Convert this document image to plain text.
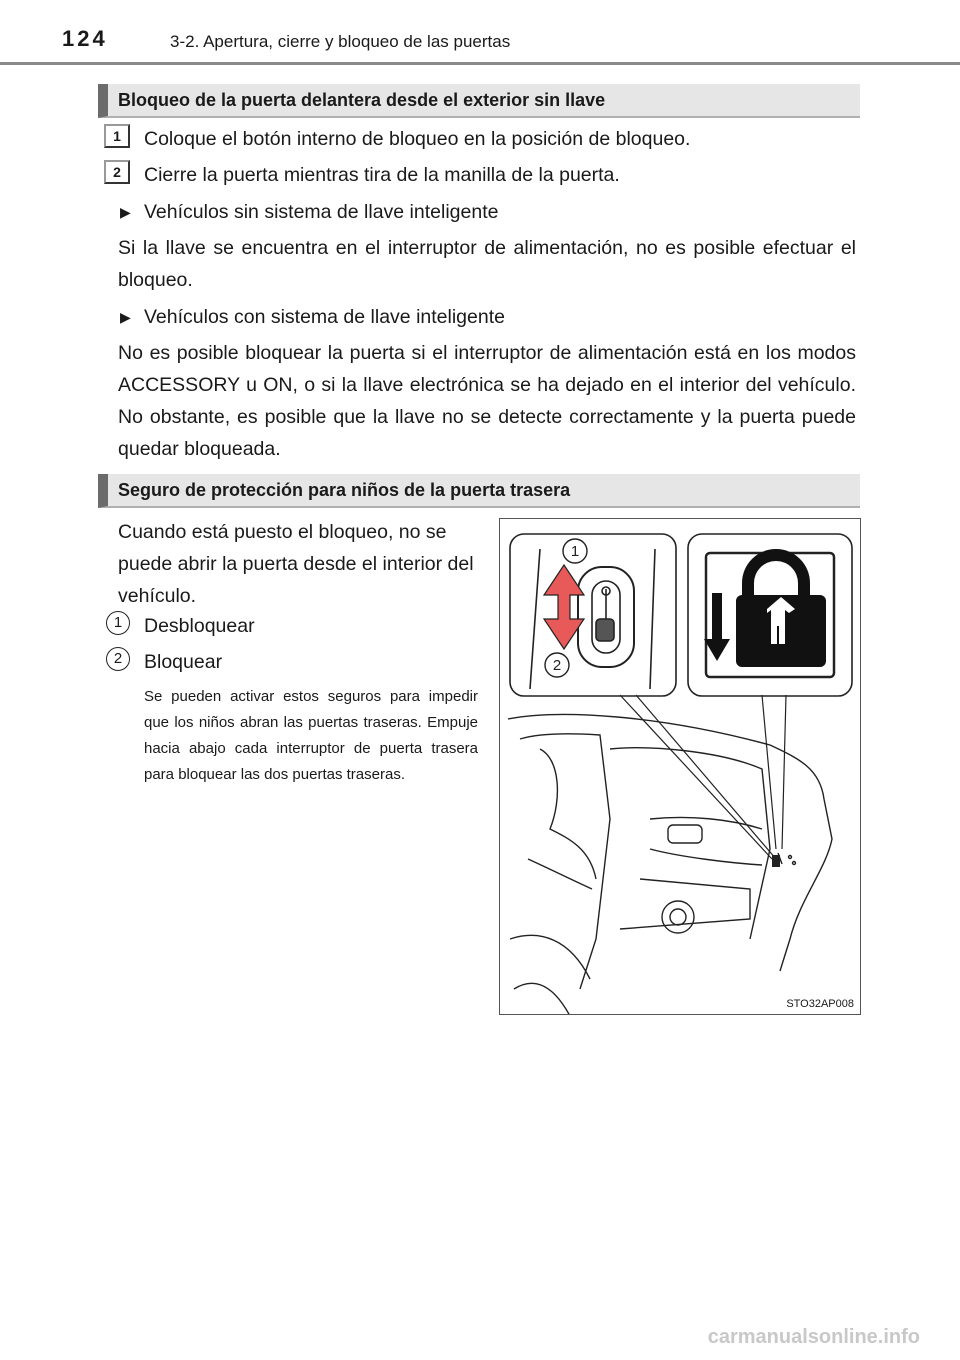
124	3-2. Apertura, cierre y bloqueo de las puertas
Bloqueo de la puerta delantera desde el exterior sin llave
1	Coloque el botón interno de bloqueo en la posición de bloqueo.
2	Cierre la puerta mientras tira de la manilla de la puerta.
▶ Vehículos sin sistema de llave inteligente
Si la llave se encuentra en el interruptor de alimentación, no es posible efectuar el bloqueo.
▶ Vehículos con sistema de llave inteligente
No es posible bloquear la puerta si el interruptor de alimentación está en los modos ACCESSORY u ON, o si la llave electrónica se ha dejado en el interior del vehículo. No obstante, es posible que la llave no se detecte correctamente y la puerta puede quedar bloqueada.
Seguro de protección para niños de la puerta trasera
Cuando está puesto el bloqueo, no se puede abrir la puerta desde el interior del vehículo.
1	Desbloquear
2	Bloquear
Se pueden activar estos seguros para impedir que los niños abran las puertas traseras. Empuje hacia abajo cada interruptor de puerta trasera para bloquear las dos puertas traseras.
1
2
STO32AP008
carmanualsonline.info
